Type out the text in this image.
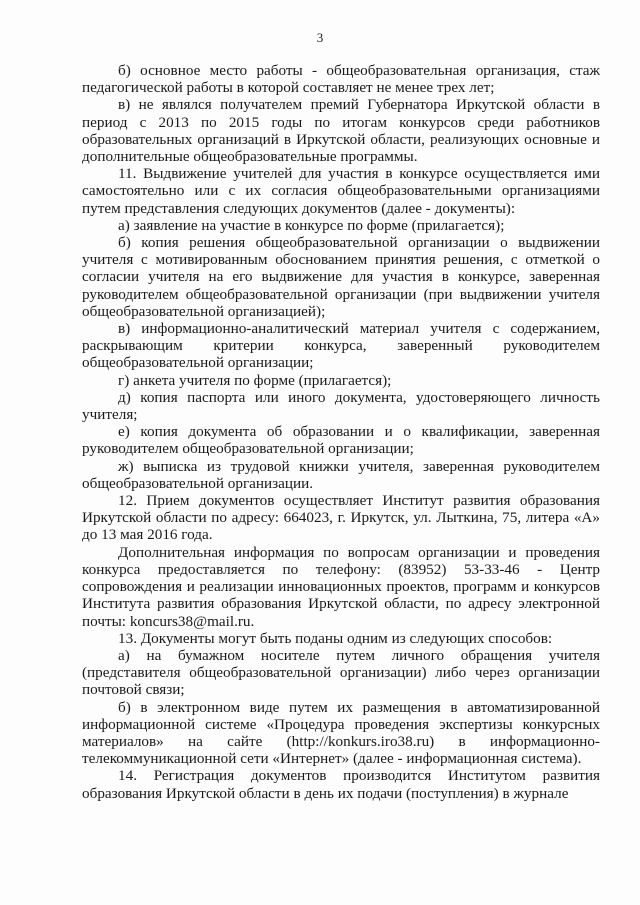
3

б) основное место работы - общеобразовательная организация, стаж педагогической работы в которой составляет не менее трех лет;

в) не являлся получателем премий Губернатора Иркутской области в период с 2013 по 2015 годы по итогам конкурсов среди работников образовательных организаций в Иркутской области, реализующих основные и дополнительные общеобразовательные программы.

11. Выдвижение учителей для участия в конкурсе осуществляется ими самостоятельно или с их согласия общеобразовательными организациями путем представления следующих документов (далее - документы):

а) заявление на участие в конкурсе по форме (прилагается);

б) копия решения общеобразовательной организации о выдвижении учителя с мотивированным обоснованием принятия решения, с отметкой о согласии учителя на его выдвижение для участия в конкурсе, заверенная руководителем общеобразовательной организации (при выдвижении учителя общеобразовательной организацией);

в) информационно-аналитический материал учителя с содержанием, раскрывающим критерии конкурса, заверенный руководителем общеобразовательной организации;

г) анкета учителя по форме (прилагается);

д) копия паспорта или иного документа, удостоверяющего личность учителя;

е) копия документа об образовании и о квалификации, заверенная руководителем общеобразовательной организации;

ж) выписка из трудовой книжки учителя, заверенная руководителем общеобразовательной организации.

12. Прием документов осуществляет Институт развития образования Иркутской области по адресу: 664023, г. Иркутск, ул. Лыткина, 75, литера «А» до 13 мая 2016 года.

Дополнительная информация по вопросам организации и проведения конкурса предоставляется по телефону: (83952) 53-33-46 - Центр сопровождения и реализации инновационных проектов, программ и конкурсов Института развития образования Иркутской области, по адресу электронной почты: koncurs38@mail.ru.

13. Документы могут быть поданы одним из следующих способов:

а) на бумажном носителе путем личного обращения учителя (представителя общеобразовательной организации) либо через организации почтовой связи;

б) в электронном виде путем их размещения в автоматизированной информационной системе «Процедура проведения экспертизы конкурсных материалов» на сайте (http://konkurs.iro38.ru) в информационно-телекоммуникационной сети «Интернет» (далее - информационная система).

14. Регистрация документов производится Институтом развития образования Иркутской области в день их подачи (поступления) в журнале
